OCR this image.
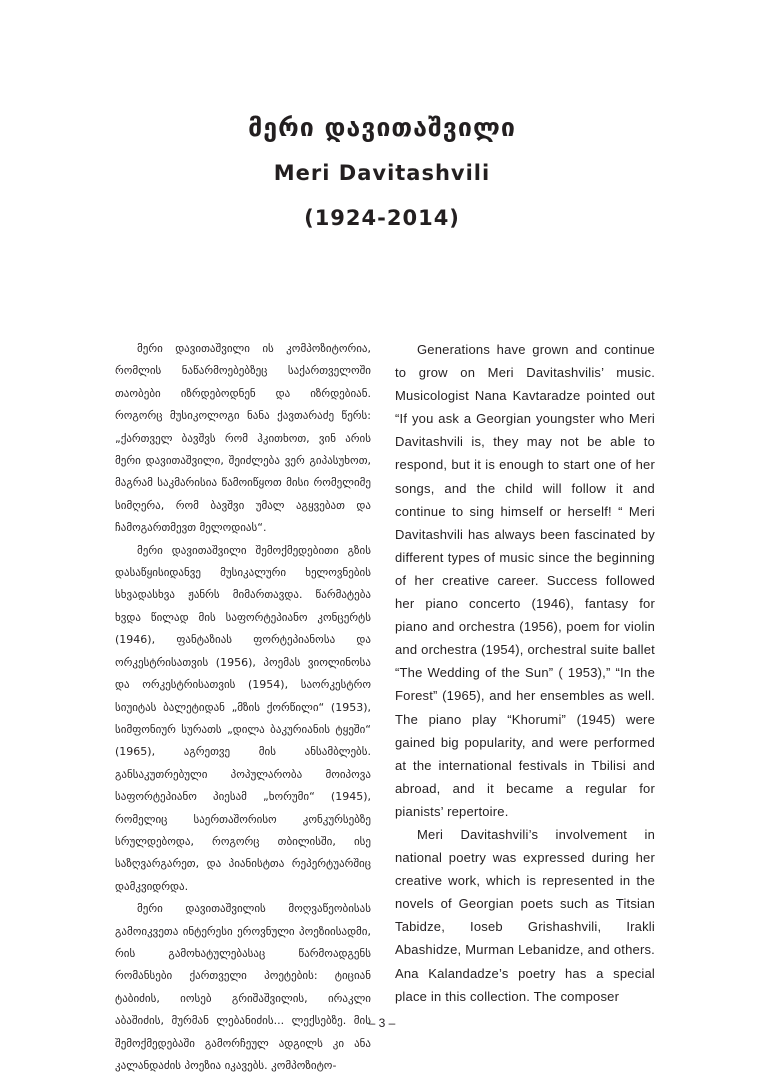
მერი დავითაშვილი
Meri Davitashvili
(1924-2014)

მერი დავითაშვილი ის კომპოზიტორია, რომლის ნაწარმოებებზეც საქართველოში თაობები იზრდებოდნენ და იზრდებიან. როგორც მუსიკოლოგი ნანა ქავთარაძე წერს: „ქართველ ბავშვს რომ ჰკითხოთ, ვინ არის მერი დავითაშვილი, შეიძლება ვერ გიპასუხოთ, მაგრამ საკმარისია წამოიწყოთ მისი რომელიმე სიმღერა, რომ ბავშვი უმალ აგყვებათ და ჩამოგართმევთ მელოდიას“.

მერი დავითაშვილი შემოქმედებითი გზის დასაწყისიდანვე მუსიკალური ხელოვნების სხვადასხვა ჟანრს მიმართავდა. წარმატება ხვდა წილად მის საფორტეპიანო კონცერტს (1946), ფანტაზიას ფორტეპიანოსა და ორკესტრისათვის (1956), პოემას ვიოლინოსა და ორკესტრისათვის (1954), საორკესტრო სიუიტას ბალეტიდან „მზის ქორწილი“ (1953), სიმფონიურ სურათს „დილა ბაკურიანის ტყეში“ (1965), აგრეთვე მის ანსამბლებს. განსაკუთრებული პოპულარობა მოიპოვა საფორტეპიანო პიესამ „ხორუმი“ (1945), რომელიც საერთაშორისო კონკურსებზე სრულდებოდა, როგორც თბილისში, ისე საზღვარგარეთ, და პიანისტთა რეპერტუარშიც დამკვიდრდა.

მერი დავითაშვილის მოღვაწეობისას გამოიკვეთა ინტერესი ეროვნული პოეზიისადმი, რის გამოხატულებასაც წარმოადგენს რომანსები ქართველი პოეტების: ტიციან ტაბიძის, იოსებ გრიშაშვილის, ირაკლი აბაშიძის, მურმან ლებანიძის... ლექსებზე. მის შემოქმედებაში გამორჩეულ ადგილს კი ანა კალანდაძის პოეზია იკავებს. კომპოზიტო-

Generations have grown and continue to grow on Meri Davitashvilis’ music. Musicologist Nana Kavtaradze pointed out “If you ask a Georgian youngster who Meri Davitashvili is, they may not be able to respond, but it is enough to start one of her songs, and the child will follow it and continue to sing himself or herself! “ Meri Davitashvili has always been fascinated by different types of music since the beginning of her creative career. Success followed her piano concerto (1946), fantasy for piano and orchestra (1956), poem for violin and orchestra (1954), orchestral suite ballet “The Wedding of the Sun” ( 1953),” “In the Forest” (1965), and her ensembles as well. The piano play “Khorumi” (1945) were gained big popularity, and were performed at the international festivals in Tbilisi and abroad, and it became a regular for pianists’ repertoire.

Meri Davitashvili’s involvement in national poetry was expressed during her creative work, which is represented in the novels of Georgian poets such as Titsian Tabidze, Ioseb Grishashvili, Irakli Abashidze, Murman Lebanidze, and others. Ana Kalandadze’s poetry has a special place in this collection. The composer

– 3 –
